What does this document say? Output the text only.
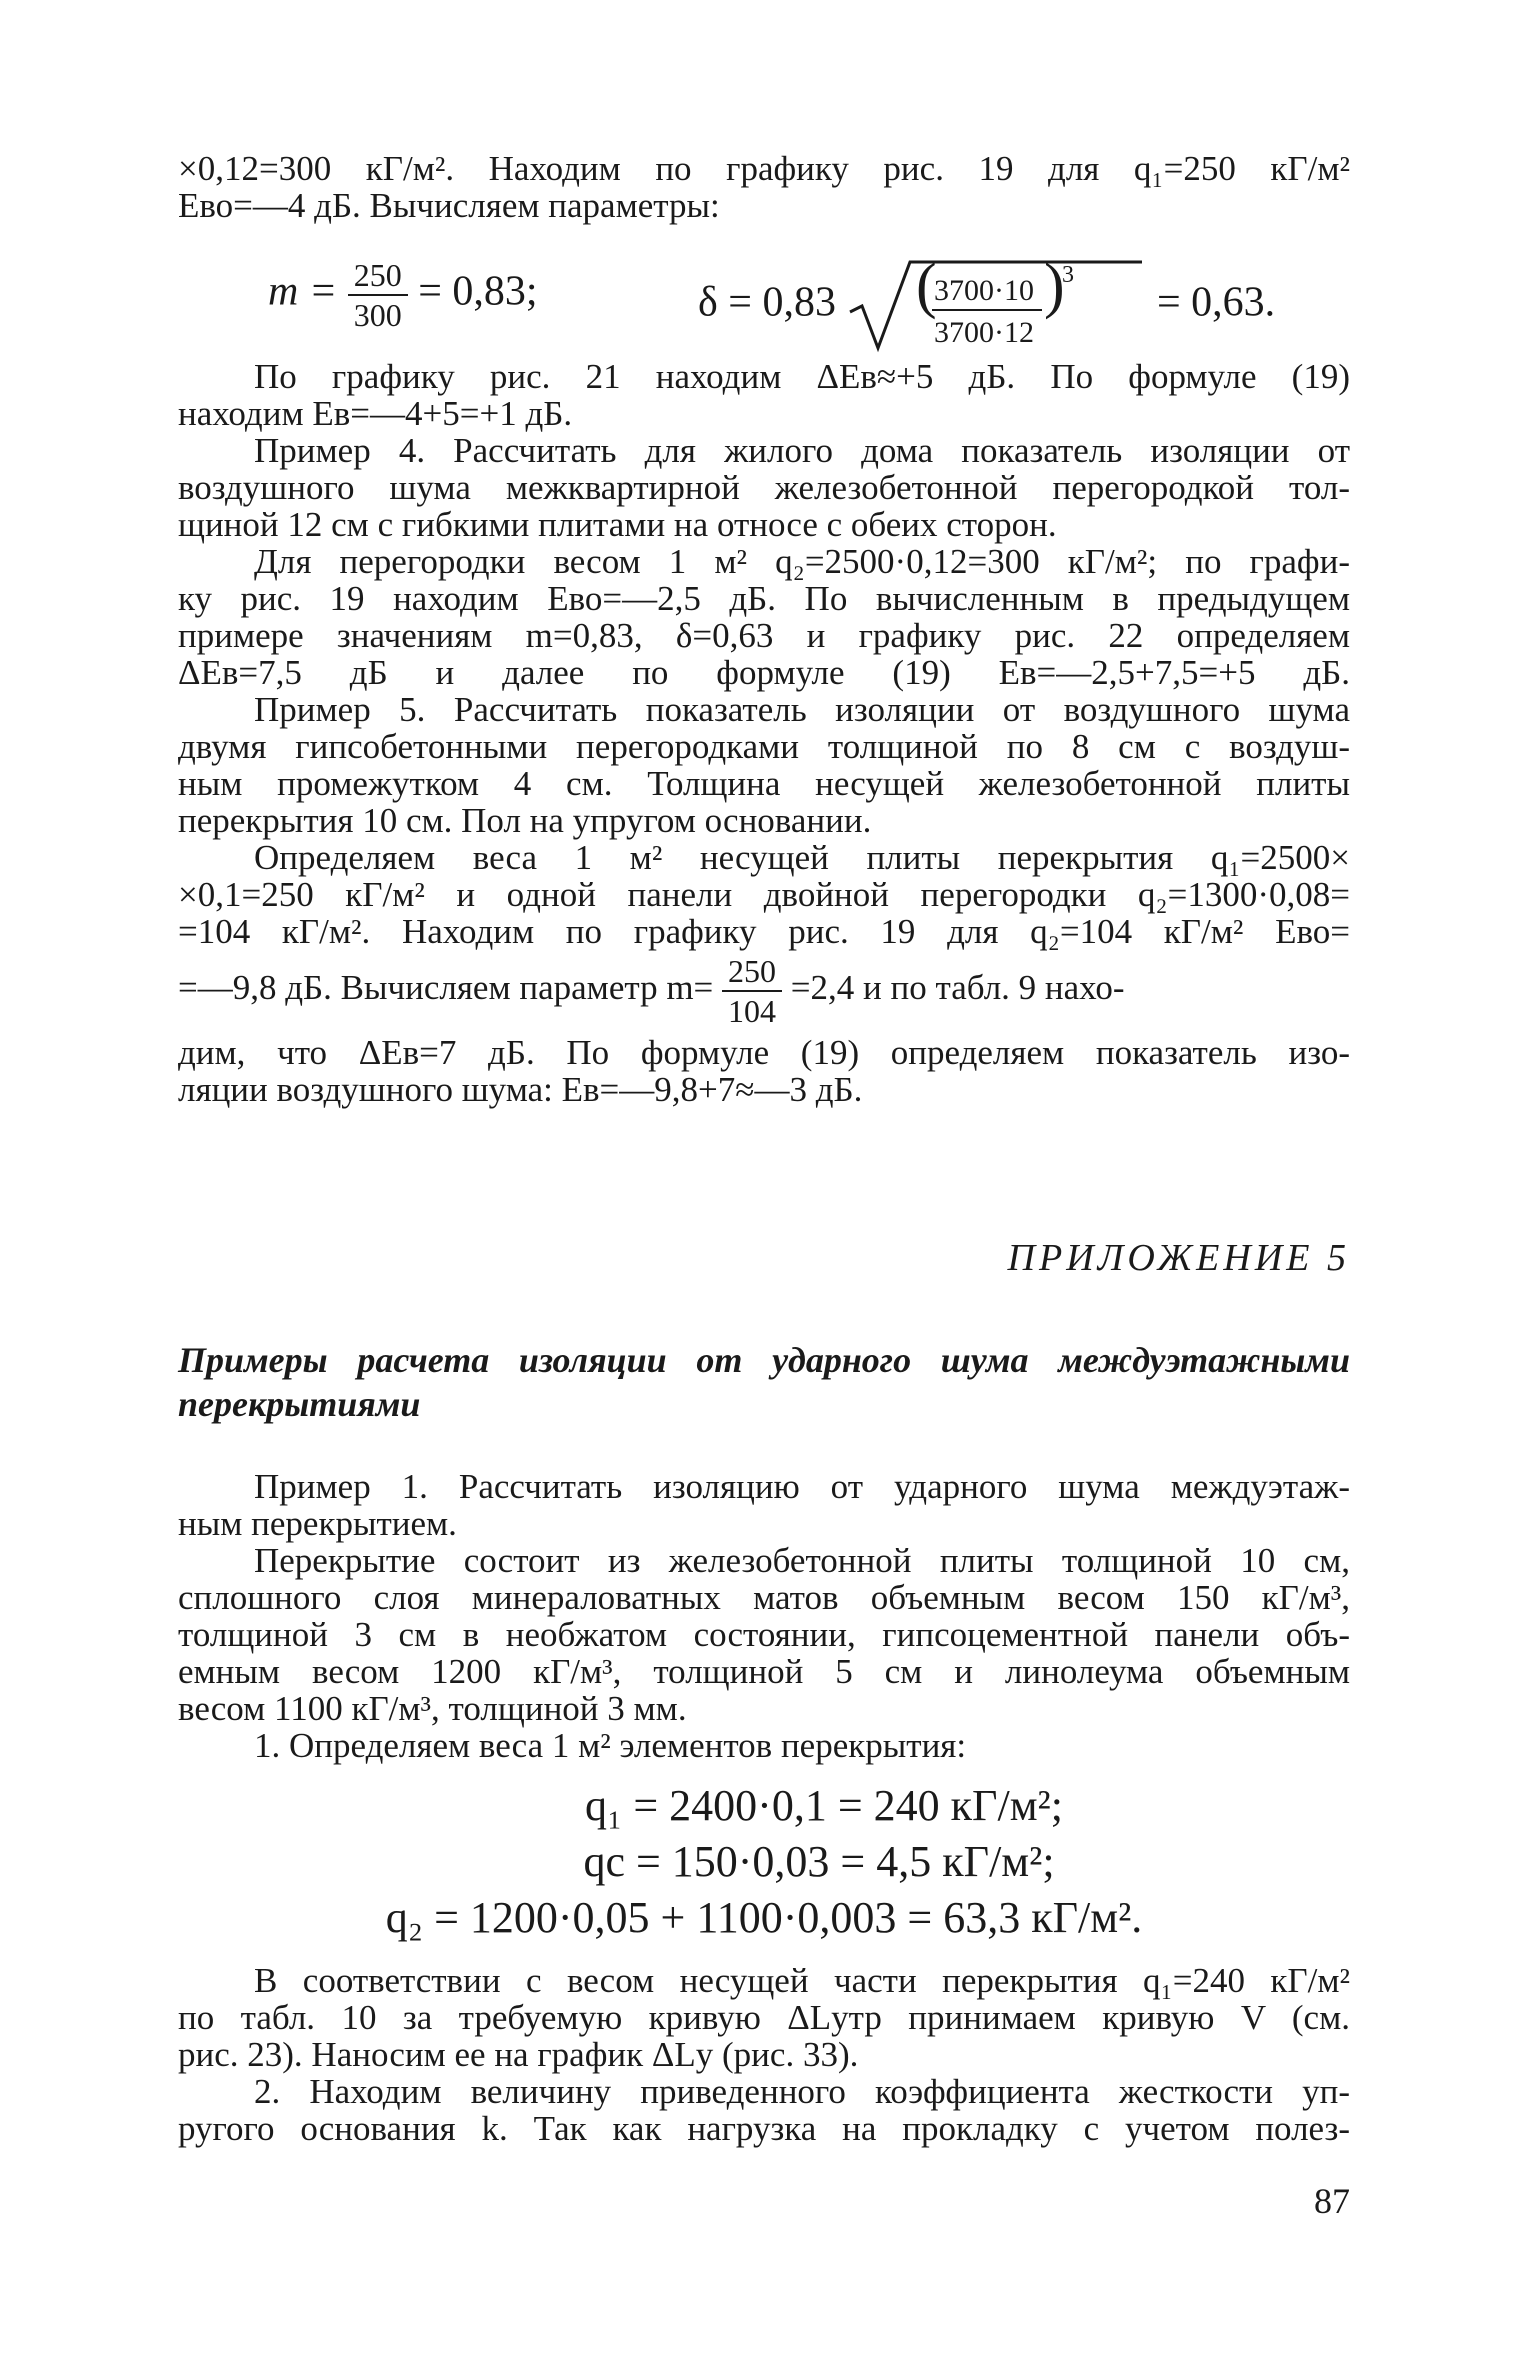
×0,12=300 кГ/м². Находим по графику рис. 19 для q₁=250 кГ/м²
Eво=—4 дБ. Вычисляем параметры:
$m = \frac{250}{300} = 0,83$;	δ = 0,83 (
3700·10
3700·12
)
3
= 0,63.
По графику рис. 21 находим ΔEв≈+5 дБ. По формуле (19)
находим Eв=—4+5=+1 дБ.
Пример 4. Рассчитать для жилого дома показатель изоляции от
воздушного шума межквартирной железобетонной перегородкой тол-
щиной 12 см с гибкими плитами на относе с обеих сторон.
Для перегородки весом 1 м² q₂=2500·0,12=300 кГ/м²; по графи-
ку рис. 19 находим Eво=—2,5 дБ. По вычисленным в предыдущем
примере значениям m=0,83, δ=0,63 и графику рис. 22 определяем
ΔEв=7,5 дБ и далее по формуле (19) Eв=—2,5+7,5=+5 дБ.
Пример 5. Рассчитать показатель изоляции от воздушного шума
двумя гипсобетонными перегородками толщиной по 8 см с воздуш-
ным промежутком 4 см. Толщина несущей железобетонной плиты
перекрытия 10 см. Пол на упругом основании.
Определяем веса 1 м² несущей плиты перекрытия q₁=2500×
×0,1=250 кГ/м² и одной панели двойной перегородки q₂=1300·0,08=
=104 кГ/м². Находим по графику рис. 19 для q₂=104 кГ/м² Eво=
=—9,8 дБ. Вычисляем параметр $m= \frac{250}{104} =2,4$ и по табл. 9 нахо-
дим, что ΔEв=7 дБ. По формуле (19) определяем показатель изо-
ляции воздушного шума: Eв=—9,8+7≈—3 дБ.
ПРИЛОЖЕНИЕ 5
Примеры расчета изоляции от ударного шума междуэтажными
перекрытиями
Пример 1. Рассчитать изоляцию от ударного шума междуэтаж-
ным перекрытием.
Перекрытие состоит из железобетонной плиты толщиной 10 см,
сплошного слоя минераловатных матов объемным весом 150 кГ/м³,
толщиной 3 см в необжатом состоянии, гипсоцементной панели объ-
емным весом 1200 кГ/м³, толщиной 5 см и линолеума объемным
весом 1100 кГ/м³, толщиной 3 мм.
1. Определяем веса 1 м² элементов перекрытия:
q₁ = 2400·0,1 = 240 кГ/м²;
qc = 150·0,03 = 4,5 кГ/м²;
q₂ = 1200·0,05 + 1100·0,003 = 63,3 кГ/м².
В соответствии с весом несущей части перекрытия q₁=240 кГ/м²
по табл. 10 за требуемую кривую ΔLутр принимаем кривую V (см.
рис. 23). Наносим ее на график ΔLу (рис. 33).
2. Находим величину приведенного коэффициента жесткости уп-
ругого основания k. Так как нагрузка на прокладку с учетом полез-
87
